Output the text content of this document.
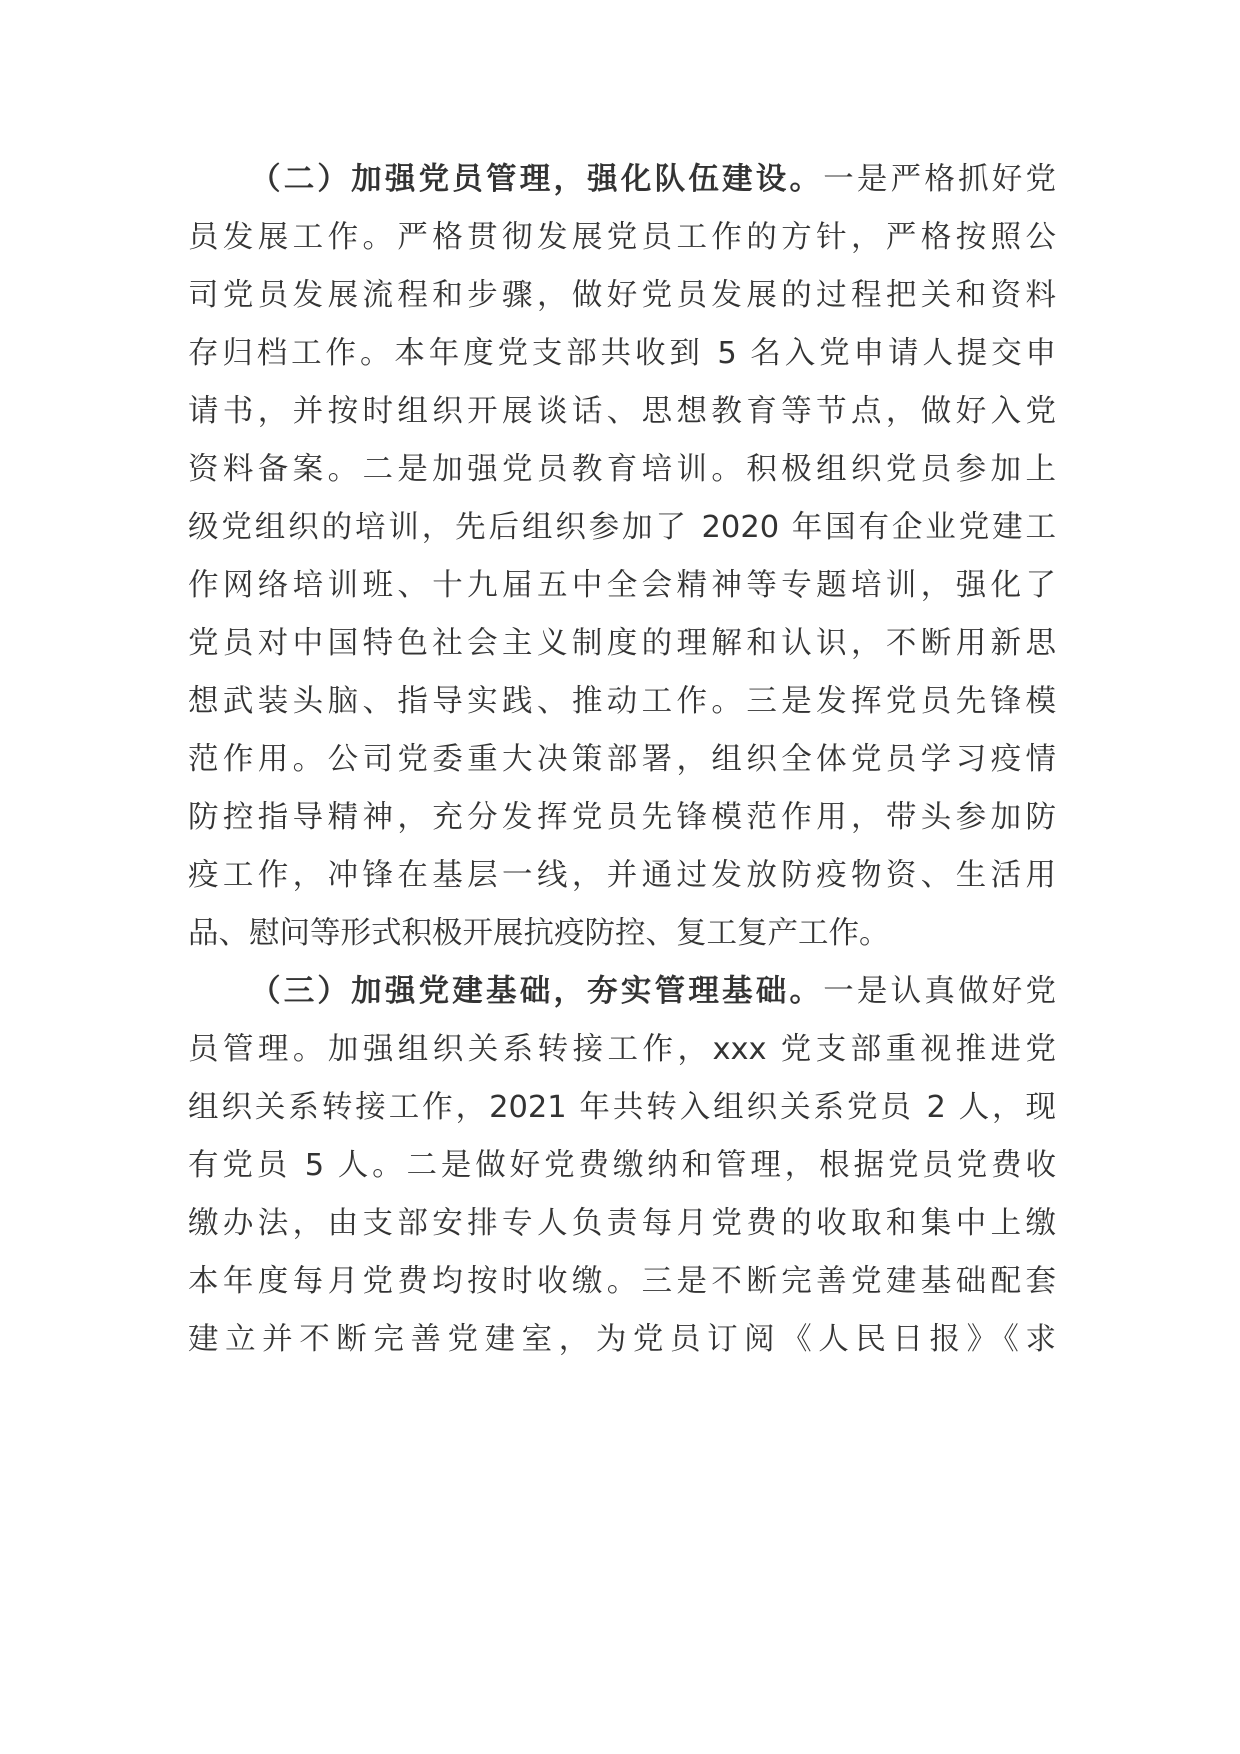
（二）加强党员管理，强化队伍建设。一是严格抓好党
员发展工作。严格贯彻发展党员工作的方针，严格按照公
司党员发展流程和步骤，做好党员发展的过程把关和资料
存归档工作。本年度党支部共收到 5 名入党申请人提交申
请书，并按时组织开展谈话、思想教育等节点，做好入党
资料备案。二是加强党员教育培训。积极组织党员参加上
级党组织的培训，先后组织参加了 2020 年国有企业党建工
作网络培训班、十九届五中全会精神等专题培训，强化了
党员对中国特色社会主义制度的理解和认识，不断用新思
想武装头脑、指导实践、推动工作。三是发挥党员先锋模
范作用。公司党委重大决策部署，组织全体党员学习疫情
防控指导精神，充分发挥党员先锋模范作用，带头参加防
疫工作，冲锋在基层一线，并通过发放防疫物资、生活用
品、慰问等形式积极开展抗疫防控、复工复产工作。
（三）加强党建基础，夯实管理基础。一是认真做好党
员管理。加强组织关系转接工作，xxx 党支部重视推进党
组织关系转接工作，2021 年共转入组织关系党员 2 人，现
有党员 5 人。二是做好党费缴纳和管理，根据党员党费收
缴办法，由支部安排专人负责每月党费的收取和集中上缴
本年度每月党费均按时收缴。三是不断完善党建基础配套
建立并不断完善党建室，为党员订阅《人民日报》《求
